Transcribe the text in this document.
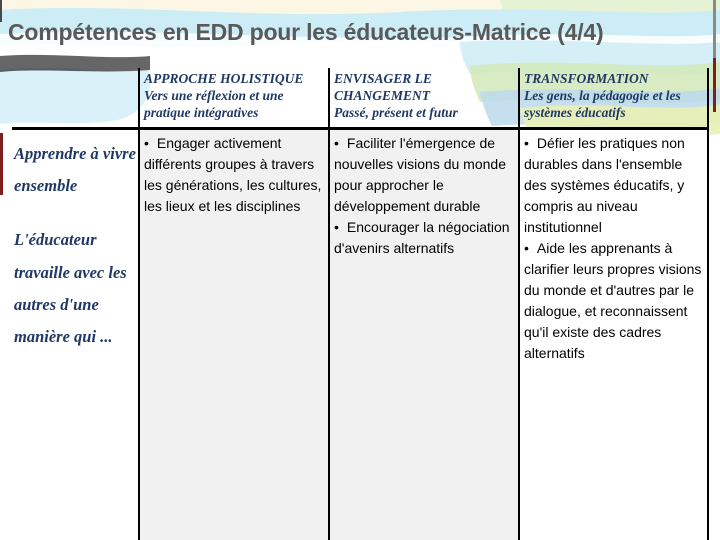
Compétences en EDD pour les éducateurs-Matrice (4/4)
APPROCHE HOLISTIQUE
Vers une réflexion et une pratique intégratives
ENVISAGER LE CHANGEMENT
Passé, présent et futur
TRANSFORMATION
Les gens, la pédagogie et les systèmes éducatifs
Apprendre à vivre ensemble
L'éducateur travaille avec les autres d'une manière qui ...
• Engager activement différents groupes à travers les générations, les cultures, les lieux et les disciplines
• Faciliter l'émergence de nouvelles visions du monde pour approcher le développement durable
• Encourager la négociation d'avenirs alternatifs
• Défier les pratiques non durables dans l'ensemble des systèmes éducatifs, y compris au niveau institutionnel
• Aide les apprenants à clarifier leurs propres visions du monde et d'autres par le dialogue, et reconnaissent qu'il existe des cadres alternatifs
